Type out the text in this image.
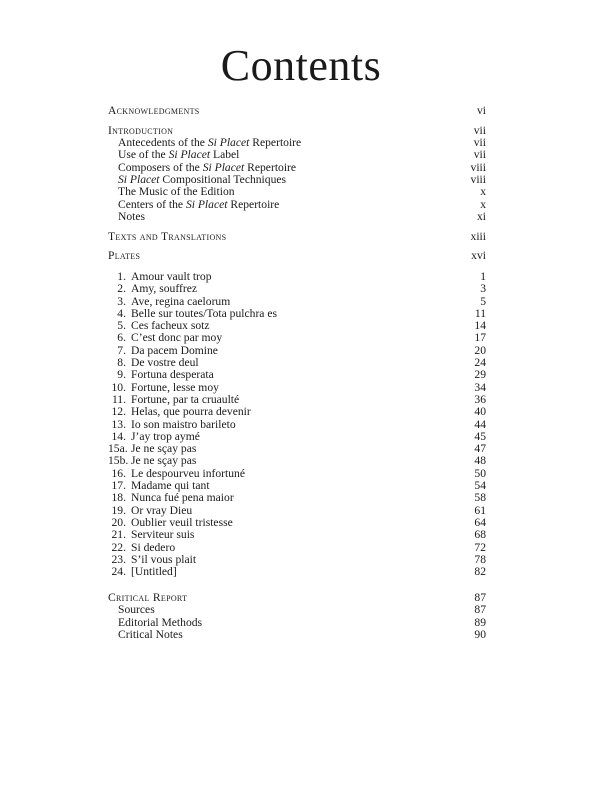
Contents
Acknowledgments	vi
Introduction	vii
Antecedents of the Si Placet Repertoire	vii
Use of the Si Placet Label	vii
Composers of the Si Placet Repertoire	viii
Si Placet Compositional Techniques	viii
The Music of the Edition	x
Centers of the Si Placet Repertoire	x
Notes	xi
Texts and Translations	xiii
Plates	xvi
1. Amour vault trop	1
2. Amy, souffrez	3
3. Ave, regina caelorum	5
4. Belle sur toutes/Tota pulchra es	11
5. Ces facheux sotz	14
6. C’est donc par moy	17
7. Da pacem Domine	20
8. De vostre deul	24
9. Fortuna desperata	29
10. Fortune, lesse moy	34
11. Fortune, par ta cruaulté	36
12. Helas, que pourra devenir	40
13. Io son maistro barileto	44
14. J’ay trop aymé	45
15a. Je ne sçay pas	47
15b. Je ne sçay pas	48
16. Le despourveu infortuné	50
17. Madame qui tant	54
18. Nunca fué pena maior	58
19. Or vray Dieu	61
20. Oublier veuil tristesse	64
21. Serviteur suis	68
22. Si dedero	72
23. S’il vous plait	78
24. [Untitled]	82
Critical Report	87
Sources	87
Editorial Methods	89
Critical Notes	90
